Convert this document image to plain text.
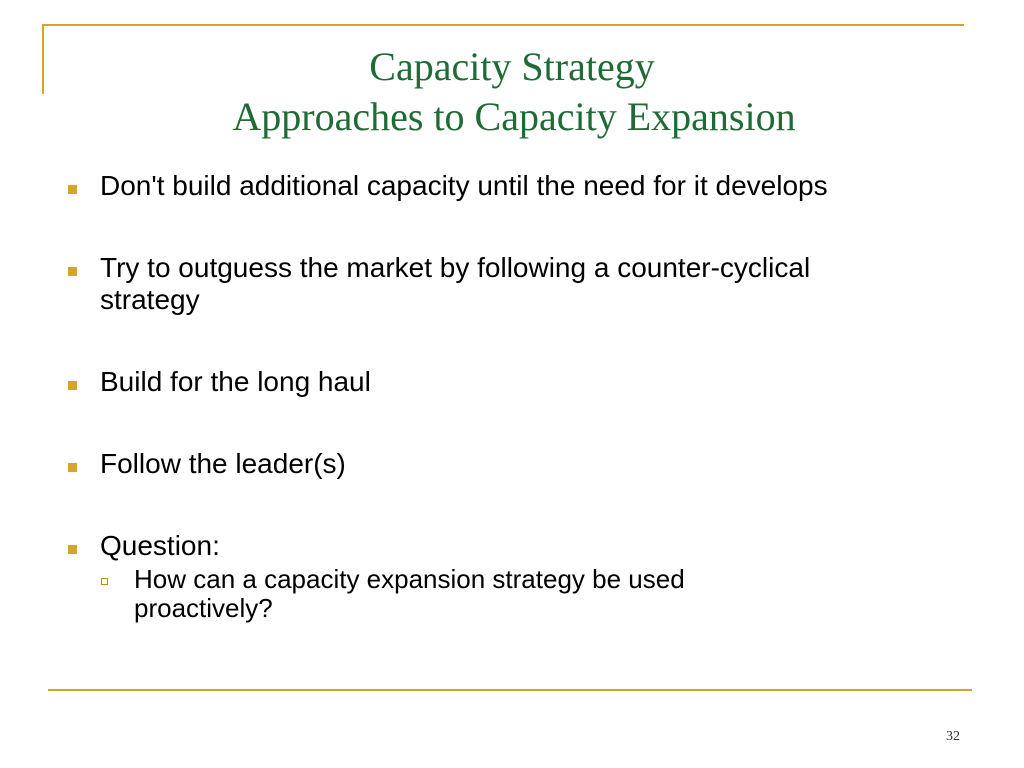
Capacity Strategy
Approaches to Capacity Expansion
Don't build additional capacity until the need for it develops
Try to outguess the market by following a counter-cyclical strategy
Build for the long haul
Follow the leader(s)
Question:
How can a capacity expansion strategy be used proactively?
32
